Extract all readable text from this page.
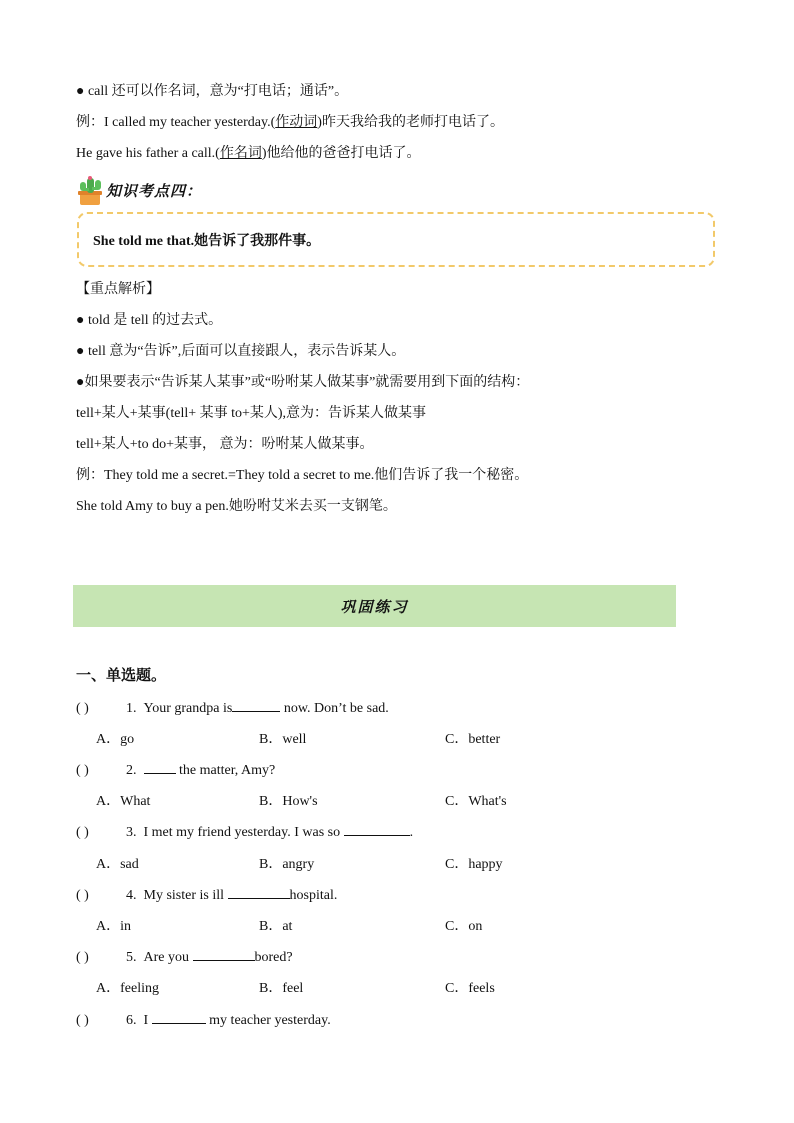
● call 还可以作名词，意为“打电话；通话”。
例：I called my teacher yesterday.(作动词)昨天我给我的老师打电话了。
He gave his father a call.(作名词)他给他的爸爸打电话了。
知识考点四：
She told me that.她告诉了我那件事。
【重点解析】
● told 是 tell 的过去式。
● tell 意为“告诉”,后面可以直接跟人，表示告诉某人。
●如果要表示“告诉某人某事”或“吩咐某人做某事”就需要用到下面的结构：
tell+某人+某事(tell+ 某事 to+某人),意为：告诉某人做某事
tell+某人+to do+某事， 意为：吩咐某人做某事。
例：They told me a secret.=They told a secret to me.他们告诉了我一个秘密。
She told Amy to buy a pen.她吩咐艾米去买一支钢笔。
巩固练习
一、单选题。
( )	1. Your grandpa is	now. Don’t be sad.
A．go	B．well	C．better
( )	2.	the matter, Amy?
A．What	B．How's	C．What's
( )	3. I met my friend yesterday. I was so	.
A．sad	B．angry	C．happy
( )	4. My sister is ill	hospital.
A．in	B．at	C．on
( )	5. Are you	bored?
A．feeling	B．feel	C．feels
( )	6. I	my teacher yesterday.
